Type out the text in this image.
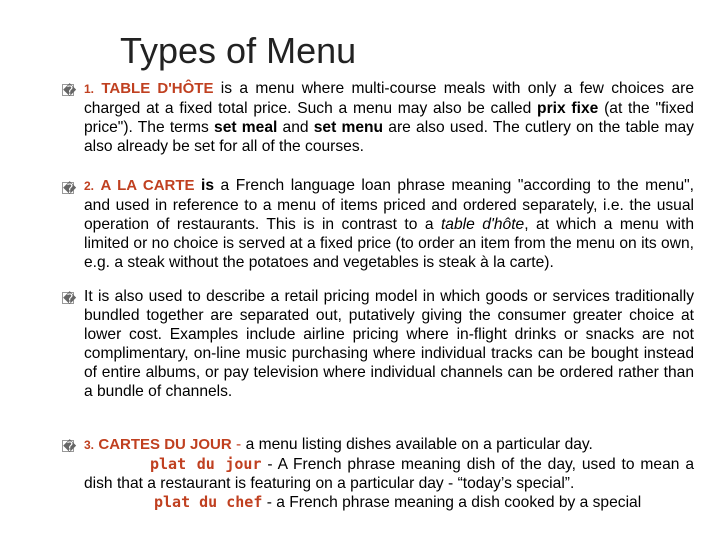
Types of Menu
� 1. TABLE D'HÔTE is a menu where multi-course meals with only a few choices are charged at a fixed total price. Such a menu may also be called prix fixe (at the "fixed price"). The terms set meal and set menu are also used. The cutlery on the table may also already be set for all of the courses.
� 2. A LA CARTE is a French language loan phrase meaning "according to the menu", and used in reference to a menu of items priced and ordered separately, i.e. the usual operation of restaurants. This is in contrast to a table d'hôte, at which a menu with limited or no choice is served at a fixed price (to order an item from the menu on its own, e.g. a steak without the potatoes and vegetables is steak à la carte).
� It is also used to describe a retail pricing model in which goods or services traditionally bundled together are separated out, putatively giving the consumer greater choice at lower cost. Examples include airline pricing where in-flight drinks or snacks are not complimentary, on-line music purchasing where individual tracks can be bought instead of entire albums, or pay television where individual channels can be ordered rather than a bundle of channels.
� 3. CARTES DU JOUR - a menu listing dishes available on a particular day.
plat du jour - A French phrase meaning dish of the day, used to mean a dish that a restaurant is featuring on a particular day - “today’s special”.
plat du chef - a French phrase meaning a dish cooked by a special
